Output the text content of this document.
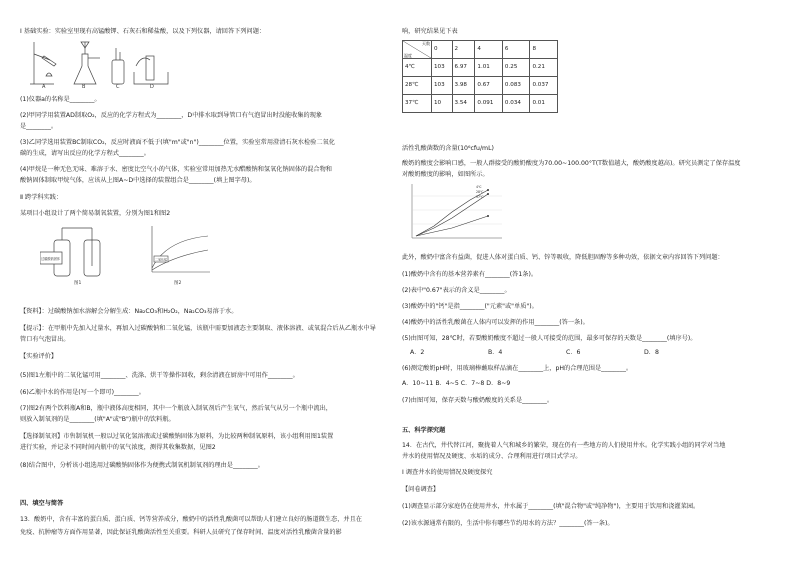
Ⅰ 基础实验：实验室里现有高锰酸钾、石灰石和稀盐酸，以及下列仪器，请回答下列问题：
A	B	C	D
(1)仪器a的名称是________。
(2)甲同学用装置AD制取O₂，反应的化学方程式为________，D中排水取到导管口有气泡冒出时没能收集的现象
是________。
(3)乙同学选用装置BC制取CO₂，反应时液面不低于(填"m"或"n")________位置，实验室常用澄清石灰水检验二氧化
碳的生成，请写出反应的化学方程式________。
(4)甲烷是一种无色无味、难溶于水、密度比空气小的气体，实验室常用加热无水醋酸钠和氢氧化钠固体的混合物和
酸钠固体制取甲烷气体，应该从上图A~D中选择的装置组合是________(填上图字母)。
Ⅱ 跨学科实践：
某项目小组设计了两个简易制氧装置，分别为图1和图2
过碳酸钠固体
图1
二氧化锰
图2
【资料】：过碳酸钠加水溶解会分解生成：Na₂CO₃和H₂O₂，Na₂CO₃易溶于水。
【提示】：在甲瓶中先加入过量水，再加入过碳酸钠和二氧化锰，该瓶中需要加液态主要制取、液体溶液、或氧混合后从乙瓶水中导
管口有气泡冒出。
【实验评价】
(5)图1左瓶中的二氧化锰可用________、洗涤、烘干等操作回收，剩余清液在厨房中可用作________。
(6)乙瓶中水的作用是(写一个即可)________。
(7)图2有两个饮料瓶A和B，瓶中液体高度相同，其中一个瓶放入制氧剂后产生氧气，然后氧气从另一个瓶中流出，
则放入制氧剂的是________(填"A"或"B")瓶中的饮料瓶。
【选择制氧剂】市售制氧机一般以过氧化氢溶液或过碳酸钠固体为原料，为比较两种制氧原料，该小组利用图1装置
进行实验，并记录不同时间内瓶中的氧气浓度，测得其收集数据，见图2
(8)结合图中，分析该小组选用过碳酸钠固体作为便携式制氧机制氧剂的理由是________。
四、填空与简答
13．酸奶中，含有丰富的蛋白质、蛋白质、钙等营养成分，酸奶中的活性乳酸菌可以帮助人们建立良好的肠道微生态，并且在
免疫、抗肿瘤等方面作用显著，因此保证乳酸菌活性至关重要。科研人员研究了保存时间、温度对活性乳酸菌含量的影
响，研究结果见下表
天数
温度	0	2	4	6	8
4℃	103	6.97	1.01	0.25	0.21
28℃	103	3.98	0.67	0.083	0.037
37℃	10	3.54	0.091	0.034	0.01
活性乳酸菌数的含量(10⁶cfu/mL)
酸奶的酸度会影响口感，一般人群接受的酸奶酸度为70.00~100.00°T(T数值越大，酸奶酸度越高)。研究员测定了保存温度
对酸奶酸度的影响，如图所示。
4℃
28℃
37℃
此外，酸奶中富含有益菌，促进人体对蛋白质、钙、锌等吸收，降低胆固醇等多种功效，依据文章内容回答下列问题：
(1)酸奶中含有的基本营养素有________(答1条)。
(2)表中"0.67"表示的含义是________。
(3)酸奶中的"钙"是指________("元素"或"单质")。
(4)酸奶中的活性乳酸菌在人体内可以发挥的作用________(答一条)。
(5)由图可知，28℃时，若要酸奶酸度不超过一般人可接受的范围，最多可保存的天数是________(填序号)。
A．2	B．4	C．6	D．8
(6)测定酸奶pH时，用玻璃棒蘸取样品滴在________上，pH的合理范围是________。
A．10~11 B．4~5 C．7~8 D．8~9
(7)由图可知，保存天数与酸奶酸度的关系是________。
五、科学探究题
14．在古代，井代替江河，聚拢着人气和城乡的繁荣，现在仍有一些地方的人们使用井水。化学实践小组的同学对当地
井水的使用情况及硬度、水垢的成分、合理利用进行项目式学习。
Ⅰ 调查井水的使用情况及硬度探究
【问卷调查】
(1)调查显示部分家庭仍在使用井水，井水属于________(填"混合物"或"纯净物")，主要用于饮用和浇灌菜园。
(2)该水源通常有限的，生活中你有哪些节约用水的方法？________(答一条)。
